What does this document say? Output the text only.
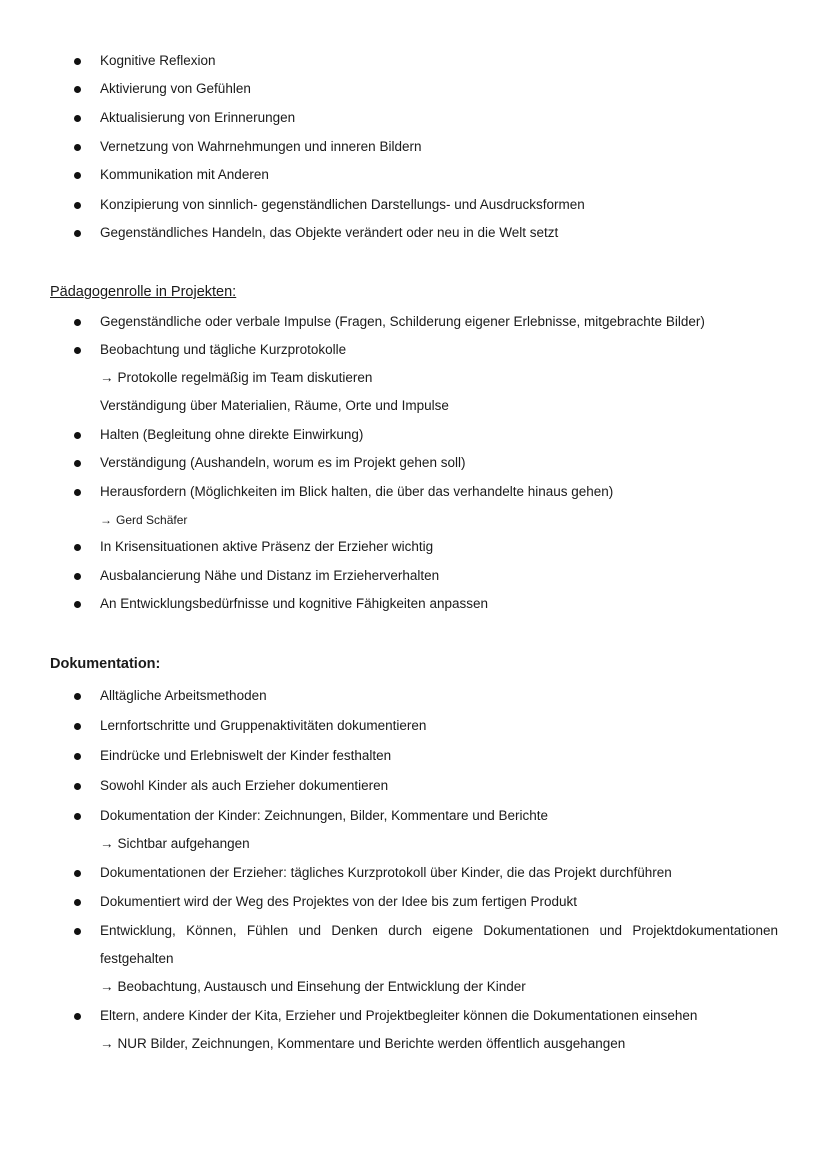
Kognitive Reflexion
Aktivierung von Gefühlen
Aktualisierung von Erinnerungen
Vernetzung von Wahrnehmungen und inneren Bildern
Kommunikation mit Anderen
Konzipierung von sinnlich- gegenständlichen Darstellungs- und Ausdrucksformen
Gegenständliches Handeln, das Objekte verändert oder neu in die Welt setzt
Pädagogenrolle in Projekten:
Gegenständliche oder verbale Impulse (Fragen, Schilderung eigener Erlebnisse, mitgebrachte Bilder)
Beobachtung und tägliche Kurzprotokolle
→ Protokolle regelmäßig im Team diskutieren
Verständigung über Materialien, Räume, Orte und Impulse
Halten (Begleitung ohne direkte Einwirkung)
Verständigung (Aushandeln, worum es im Projekt gehen soll)
Herausfordern (Möglichkeiten im Blick halten, die über das verhandelte hinaus gehen)
→ Gerd Schäfer
In Krisensituationen aktive Präsenz der Erzieher wichtig
Ausbalancierung Nähe und Distanz im Erzieherverhalten
An Entwicklungsbedürfnisse und kognitive Fähigkeiten anpassen
Dokumentation:
Alltägliche Arbeitsmethoden
Lernfortschritte und Gruppenaktivitäten dokumentieren
Eindrücke und Erlebniswelt der Kinder festhalten
Sowohl Kinder als auch Erzieher dokumentieren
Dokumentation der Kinder: Zeichnungen, Bilder, Kommentare und Berichte
→ Sichtbar aufgehangen
Dokumentationen der Erzieher: tägliches Kurzprotokoll über Kinder, die das Projekt durchführen
Dokumentiert wird der Weg des Projektes von der Idee bis zum fertigen Produkt
Entwicklung, Können, Fühlen und Denken durch eigene Dokumentationen und Projektdokumentationen
festgehalten
→ Beobachtung, Austausch und Einsehung der Entwicklung der Kinder
Eltern, andere Kinder der Kita, Erzieher und Projektbegleiter können die Dokumentationen einsehen
→ NUR Bilder, Zeichnungen, Kommentare und Berichte werden öffentlich ausgehangen
